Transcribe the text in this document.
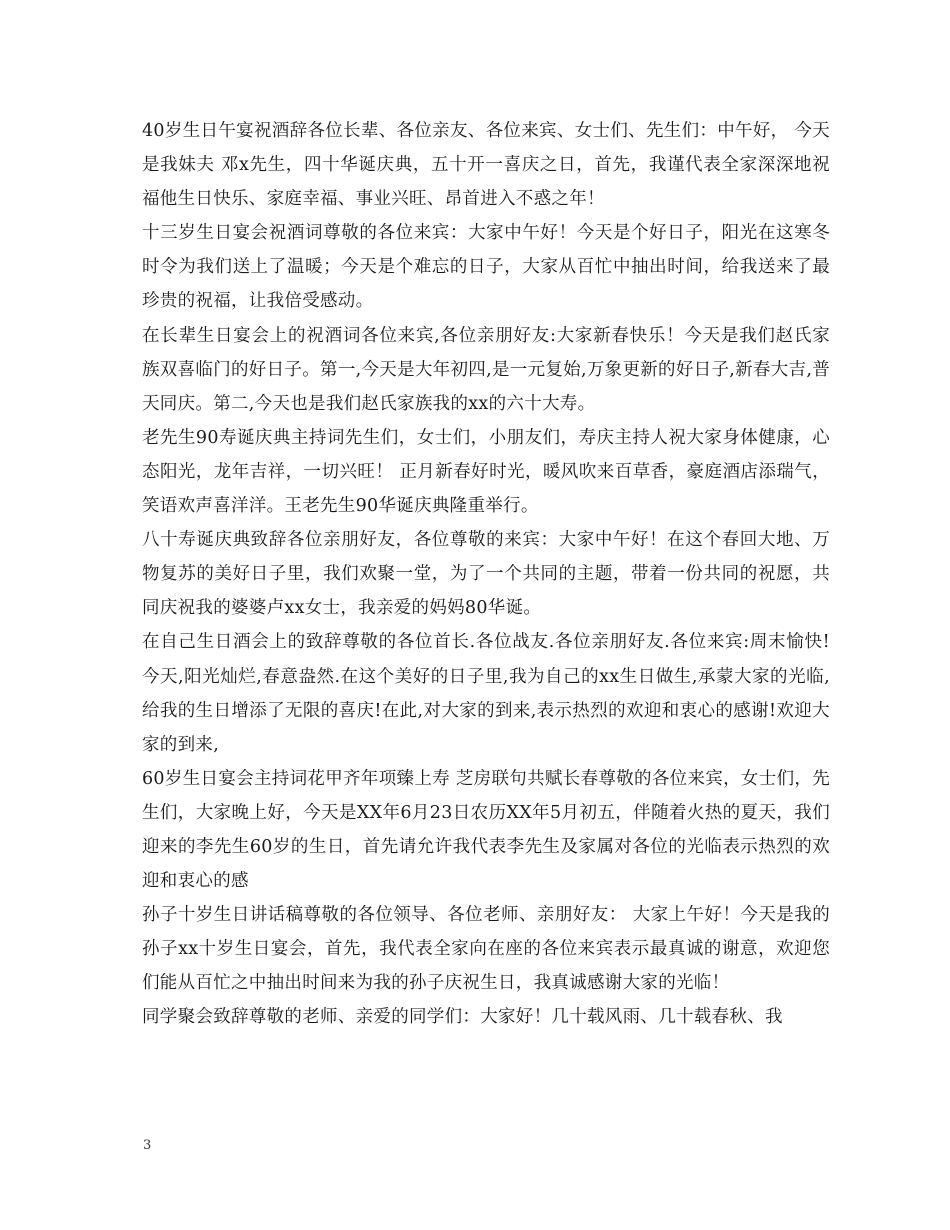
40岁生日午宴祝酒辞各位长辈、各位亲友、各位来宾、女士们、先生们：中午好， 今天是我妹夫 邓x先生，四十华诞庆典，五十开一喜庆之日，首先，我谨代表全家深深地祝福他生日快乐、家庭幸福、事业兴旺、昂首进入不惑之年！

十三岁生日宴会祝酒词尊敬的各位来宾：大家中午好！今天是个好日子，阳光在这寒冬时令为我们送上了温暖；今天是个难忘的日子，大家从百忙中抽出时间，给我送来了最珍贵的祝福，让我倍受感动。

在长辈生日宴会上的祝酒词各位来宾,各位亲朋好友:大家新春快乐！今天是我们赵氏家族双喜临门的好日子。第一,今天是大年初四,是一元复始,万象更新的好日子,新春大吉,普天同庆。第二,今天也是我们赵氏家族我的xx的六十大寿。

老先生90寿诞庆典主持词先生们，女士们，小朋友们，寿庆主持人祝大家身体健康，心态阳光，龙年吉祥，一切兴旺！ 正月新春好时光，暖风吹来百草香，豪庭酒店添瑞气，笑语欢声喜洋洋。王老先生90华诞庆典隆重举行。

八十寿诞庆典致辞各位亲朋好友，各位尊敬的来宾：大家中午好！在这个春回大地、万物复苏的美好日子里，我们欢聚一堂，为了一个共同的主题，带着一份共同的祝愿，共同庆祝我的婆婆卢xx女士，我亲爱的妈妈80华诞。

在自己生日酒会上的致辞尊敬的各位首长.各位战友.各位亲朋好友.各位来宾:周末愉快!今天,阳光灿烂,春意盎然.在这个美好的日子里,我为自己的xx生日做生,承蒙大家的光临,给我的生日增添了无限的喜庆!在此,对大家的到来,表示热烈的欢迎和衷心的感谢!欢迎大家的到来,

60岁生日宴会主持词花甲齐年项臻上寿 芝房联句共赋长春尊敬的各位来宾，女士们，先生们，大家晚上好，今天是XX年6月23日农历XX年5月初五，伴随着火热的夏天，我们迎来的李先生60岁的生日，首先请允许我代表李先生及家属对各位的光临表示热烈的欢迎和衷心的感

孙子十岁生日讲话稿尊敬的各位领导、各位老师、亲朋好友： 大家上午好！今天是我的孙子xx十岁生日宴会，首先，我代表全家向在座的各位来宾表示最真诚的谢意，欢迎您们能从百忙之中抽出时间来为我的孙子庆祝生日，我真诚感谢大家的光临！

同学聚会致辞尊敬的老师、亲爱的同学们：大家好！几十载风雨、几十载春秋、我

3
